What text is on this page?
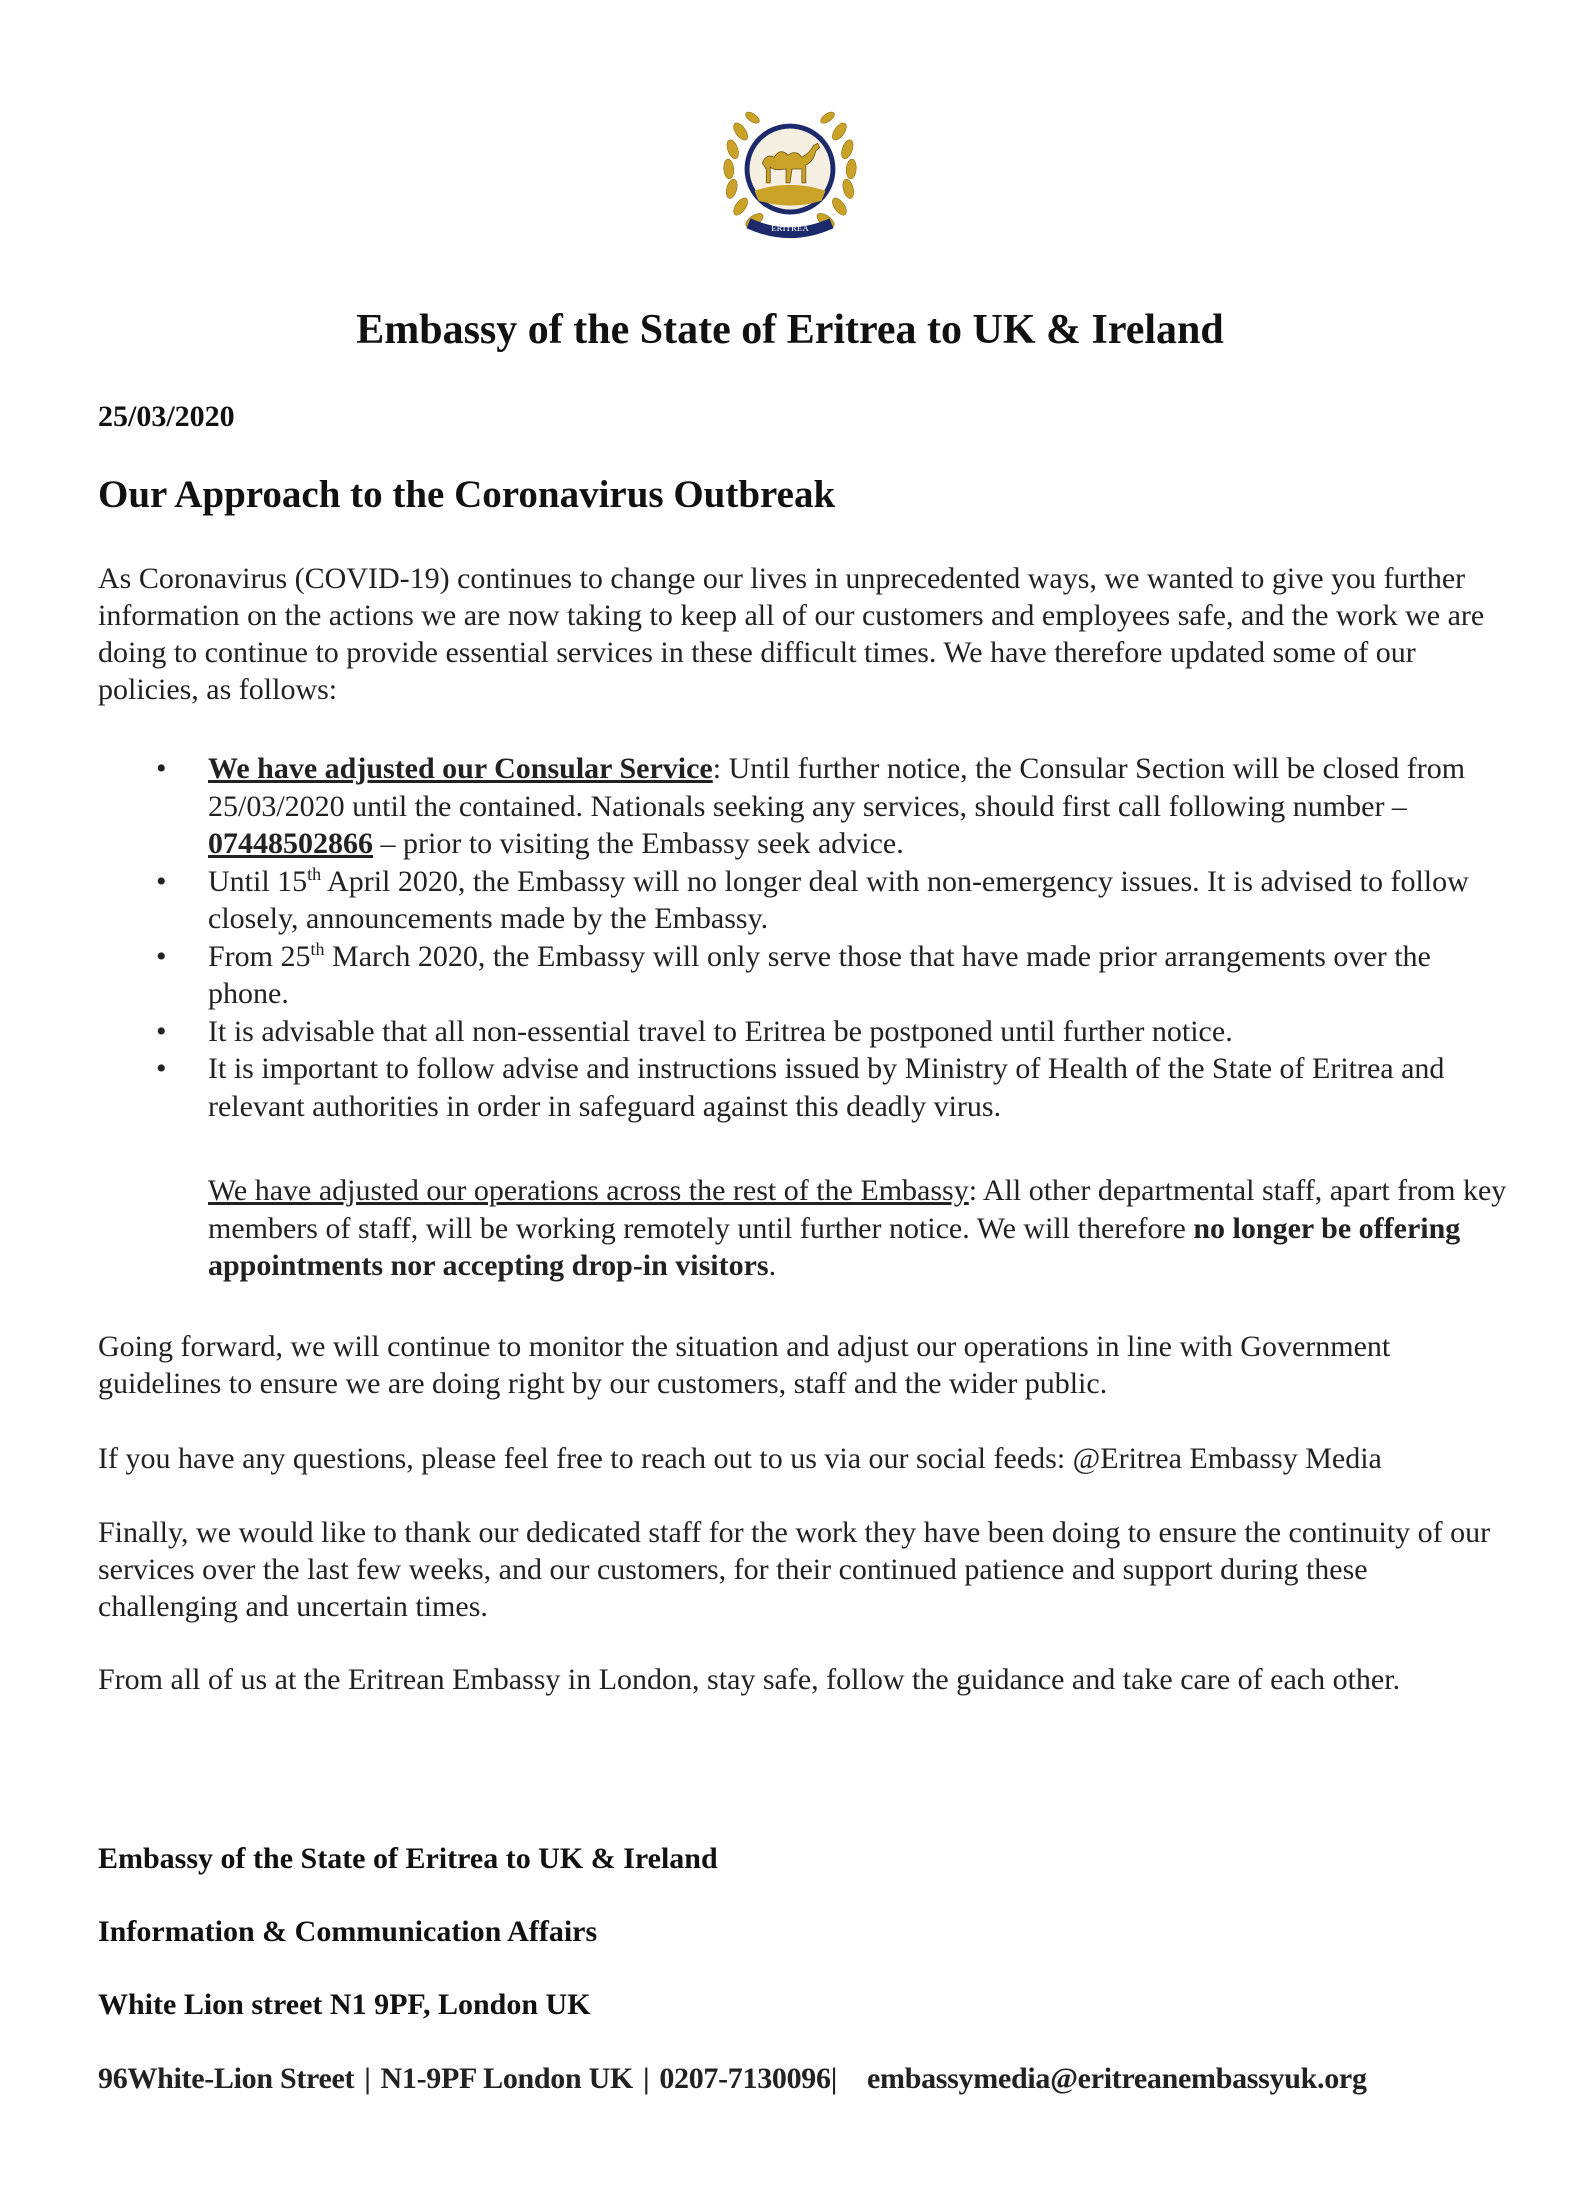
ERITREA
Embassy of the State of Eritrea to UK & Ireland
25/03/2020
Our Approach to the Coronavirus Outbreak

As Coronavirus (COVID-19) continues to change our lives in unprecedented ways, we wanted to give you further information on the actions we are now taking to keep all of our customers and employees safe, and the work we are doing to continue to provide essential services in these difficult times. We have therefore updated some of our policies, as follows:

• We have adjusted our Consular Service: Until further notice, the Consular Section will be closed from 25/03/2020 until the contained. Nationals seeking any services, should first call following number – 07448502866 – prior to visiting the Embassy seek advice.
• Until 15th April 2020, the Embassy will no longer deal with non-emergency issues. It is advised to follow closely, announcements made by the Embassy.
• From 25th March 2020, the Embassy will only serve those that have made prior arrangements over the phone.
• It is advisable that all non-essential travel to Eritrea be postponed until further notice.
• It is important to follow advise and instructions issued by Ministry of Health of the State of Eritrea and relevant authorities in order in safeguard against this deadly virus.

We have adjusted our operations across the rest of the Embassy: All other departmental staff, apart from key members of staff, will be working remotely until further notice. We will therefore no longer be offering appointments nor accepting drop-in visitors.

Going forward, we will continue to monitor the situation and adjust our operations in line with Government guidelines to ensure we are doing right by our customers, staff and the wider public.

If you have any questions, please feel free to reach out to us via our social feeds: @Eritrea Embassy Media

Finally, we would like to thank our dedicated staff for the work they have been doing to ensure the continuity of our services over the last few weeks, and our customers, for their continued patience and support during these challenging and uncertain times.

From all of us at the Eritrean Embassy in London, stay safe, follow the guidance and take care of each other.

Embassy of the State of Eritrea to UK & Ireland
Information & Communication Affairs
White Lion street N1 9PF, London UK
96White-Lion Street | N1-9PF London UK | 0207-7130096| embassymedia@eritreanembassyuk.org
